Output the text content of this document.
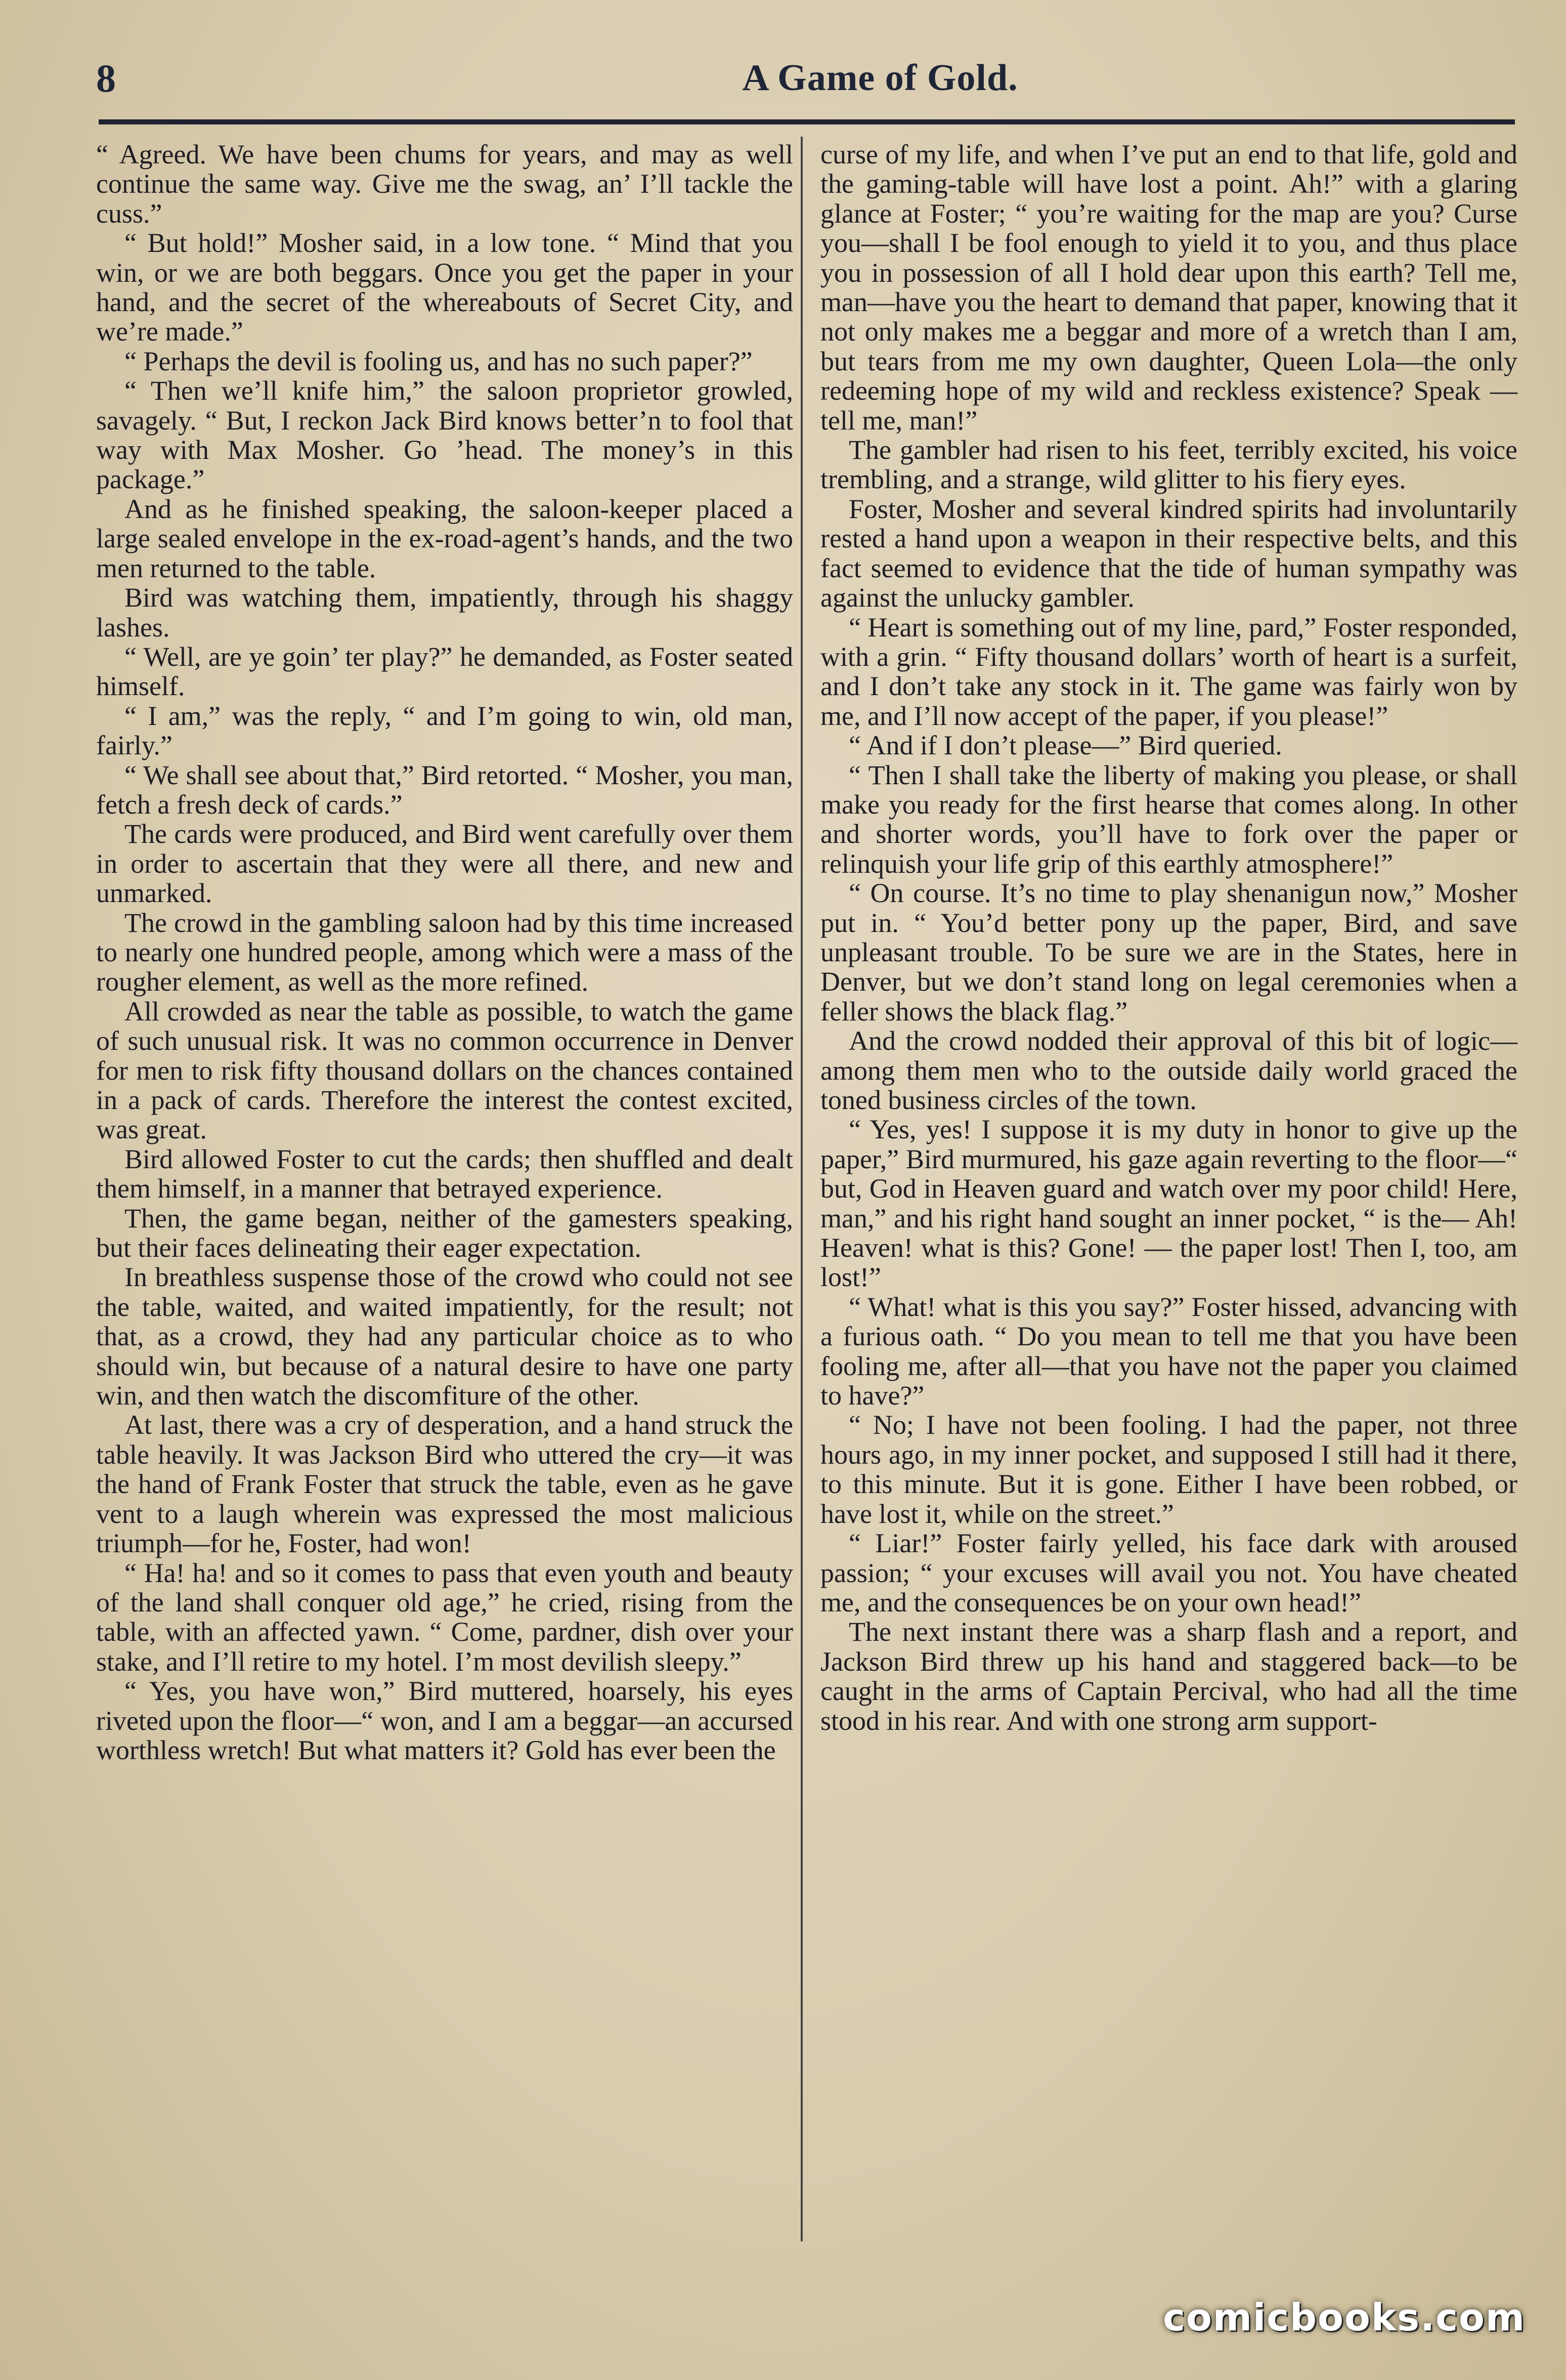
8	A Game of Gold.

“ Agreed. We have been chums for years, and may as well continue the same way. Give me the swag, an’ I’ll tackle the cuss.”

“ But hold!” Mosher said, in a low tone. “ Mind that you win, or we are both beggars. Once you get the paper in your hand, and the secret of the whereabouts of Secret City, and we’re made.”

“ Perhaps the devil is fooling us, and has no such paper?”

“ Then we’ll knife him,” the saloon proprietor growled, savagely. “ But, I reckon Jack Bird knows better’n to fool that way with Max Mosher. Go ’head. The money’s in this package.”

And as he finished speaking, the saloon-keeper placed a large sealed envelope in the ex-road-agent’s hands, and the two men returned to the table.

Bird was watching them, impatiently, through his shaggy lashes.

“ Well, are ye goin’ ter play?” he demanded, as Foster seated himself.

“ I am,” was the reply, “ and I’m going to win, old man, fairly.”

“ We shall see about that,” Bird retorted. “ Mosher, you man, fetch a fresh deck of cards.”

The cards were produced, and Bird went carefully over them in order to ascertain that they were all there, and new and unmarked.

The crowd in the gambling saloon had by this time increased to nearly one hundred people, among which were a mass of the rougher element, as well as the more refined.

All crowded as near the table as possible, to watch the game of such unusual risk. It was no common occurrence in Denver for men to risk fifty thousand dollars on the chances contained in a pack of cards. Therefore the interest the contest excited, was great.

Bird allowed Foster to cut the cards; then shuffled and dealt them himself, in a manner that betrayed experience.

Then, the game began, neither of the gamesters speaking, but their faces delineating their eager expectation.

In breathless suspense those of the crowd who could not see the table, waited, and waited impatiently, for the result; not that, as a crowd, they had any particular choice as to who should win, but because of a natural desire to have one party win, and then watch the discomfiture of the other.

At last, there was a cry of desperation, and a hand struck the table heavily. It was Jackson Bird who uttered the cry—it was the hand of Frank Foster that struck the table, even as he gave vent to a laugh wherein was expressed the most malicious triumph—for he, Foster, had won!

“ Ha! ha! and so it comes to pass that even youth and beauty of the land shall conquer old age,” he cried, rising from the table, with an affected yawn. “ Come, pardner, dish over your stake, and I’ll retire to my hotel. I’m most devilish sleepy.”

“ Yes, you have won,” Bird muttered, hoarsely, his eyes riveted upon the floor—“ won, and I am a beggar—an accursed worthless wretch! But what matters it? Gold has ever been the

curse of my life, and when I’ve put an end to that life, gold and the gaming-table will have lost a point. Ah!” with a glaring glance at Foster; “ you’re waiting for the map are you? Curse you—shall I be fool enough to yield it to you, and thus place you in possession of all I hold dear upon this earth? Tell me, man—have you the heart to demand that paper, knowing that it not only makes me a beggar and more of a wretch than I am, but tears from me my own daughter, Queen Lola—the only redeeming hope of my wild and reckless existence? Speak —tell me, man!”

The gambler had risen to his feet, terribly excited, his voice trembling, and a strange, wild glitter to his fiery eyes.

Foster, Mosher and several kindred spirits had involuntarily rested a hand upon a weapon in their respective belts, and this fact seemed to evidence that the tide of human sympathy was against the unlucky gambler.

“ Heart is something out of my line, pard,” Foster responded, with a grin. “ Fifty thousand dollars’ worth of heart is a surfeit, and I don’t take any stock in it. The game was fairly won by me, and I’ll now accept of the paper, if you please!”

“ And if I don’t please—” Bird queried.

“ Then I shall take the liberty of making you please, or shall make you ready for the first hearse that comes along. In other and shorter words, you’ll have to fork over the paper or relinquish your life grip of this earthly atmosphere!”

“ On course. It’s no time to play shenanigun now,” Mosher put in. “ You’d better pony up the paper, Bird, and save unpleasant trouble. To be sure we are in the States, here in Denver, but we don’t stand long on legal ceremonies when a feller shows the black flag.”

And the crowd nodded their approval of this bit of logic—among them men who to the outside daily world graced the toned business circles of the town.

“ Yes, yes! I suppose it is my duty in honor to give up the paper,” Bird murmured, his gaze again reverting to the floor—“ but, God in Heaven guard and watch over my poor child! Here, man,” and his right hand sought an inner pocket, “ is the— Ah! Heaven! what is this? Gone! — the paper lost! Then I, too, am lost!”

“ What! what is this you say?” Foster hissed, advancing with a furious oath. “ Do you mean to tell me that you have been fooling me, after all—that you have not the paper you claimed to have?”

“ No; I have not been fooling. I had the paper, not three hours ago, in my inner pocket, and supposed I still had it there, to this minute. But it is gone. Either I have been robbed, or have lost it, while on the street.”

“ Liar!” Foster fairly yelled, his face dark with aroused passion; “ your excuses will avail you not. You have cheated me, and the consequences be on your own head!”

The next instant there was a sharp flash and a report, and Jackson Bird threw up his hand and staggered back—to be caught in the arms of Captain Percival, who had all the time stood in his rear. And with one strong arm support-

comicbooks.com
